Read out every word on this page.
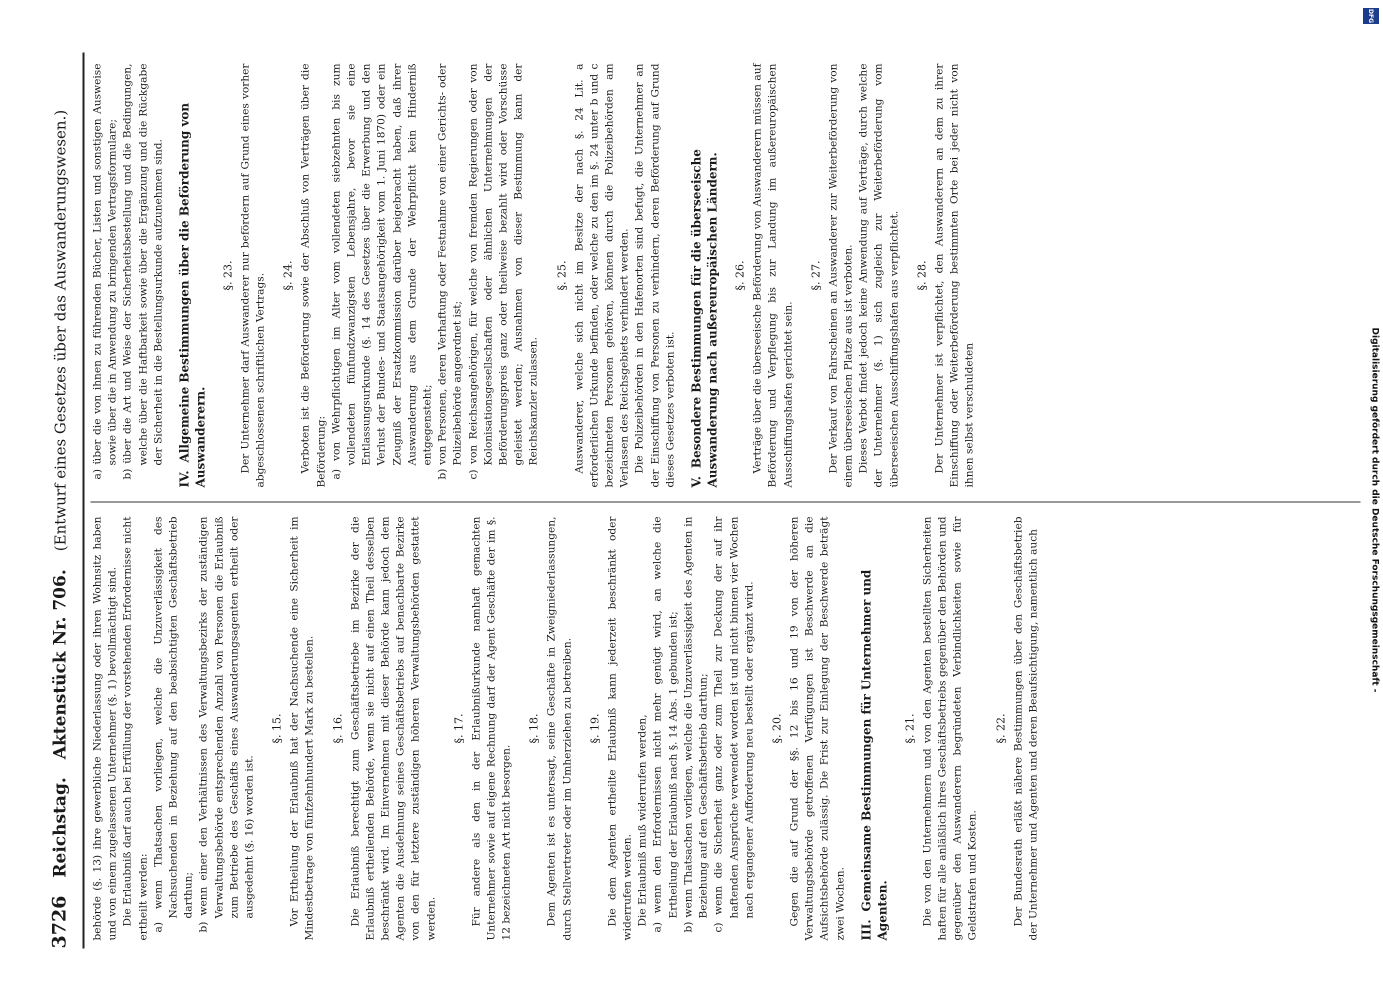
3726
Reichstag.
Aktenstück Nr. 706.
(Entwurf eines Gesetzes über das Auswanderungswesen.)

behörde (§. 13) ihre gewerbliche Niederlassung oder ihren Wohnsitz haben und von einem zugelassenen Unternehmer (§. 1) bevollmächtigt sind. Die Erlaubniß darf auch bei Erfüllung der vorstehenden Erfordernisse nicht ertheilt werden: a) wenn Thatsachen vorliegen, welche die Unzuverlässigkeit des Nachsuchenden in Beziehung auf den beabsichtigten Geschäftsbetrieb darthun; b) wenn einer den Verhältnissen des Verwaltungsbezirks der zuständigen Verwaltungsbehörde entsprechenden Anzahl von Personen die Erlaubniß zum Betriebe des Geschäfts eines Auswanderungsagenten ertheilt oder ausgedehnt (§. 16) worden ist.

§. 15. Vor Ertheilung der Erlaubniß hat der Nachsuchende eine Sicherheit im Mindestbetrage von fünfzehnhundert Mark zu bestellen. §. 16. Die Erlaubniß berechtigt zum Geschäftsbetriebe im Bezirke der die Erlaubniß ertheilenden Behörde, wenn sie nicht auf einen Theil desselben beschränkt wird. Im Einvernehmen mit dieser Behörde kann jedoch dem Agenten die Ausdehnung seines Geschäftsbetriebs auf benachbarte Bezirke von den für letztere zuständigen höheren Verwaltungsbehörden gestattet werden.

§. 17. Für andere als den in der Erlaubnißurkunde namhaft gemachten Unternehmer sowie auf eigene Rechnung darf der Agent Geschäfte der im §. 12 bezeichneten Art nicht besorgen.

§. 18. Dem Agenten ist es untersagt, seine Geschäfte in Zweigniederlassungen, durch Stellvertreter oder im Umherziehen zu betreiben. §. 19. Die dem Agenten ertheilte Erlaubniß kann jederzeit beschränkt oder widerrufen werden. Die Erlaubniß muß widerrufen werden, a) wenn den Erfordernissen nicht mehr genügt wird, an welche die Ertheilung der Erlaubniß nach §. 14 Abs. 1 gebunden ist; b) wenn Thatsachen vorliegen, welche die Unzuverlässigkeit des Agenten in Beziehung auf den Geschäftsbetrieb darthun; c) wenn die Sicherheit ganz oder zum Theil zur Deckung der auf ihr haftenden Ansprüche verwendet worden ist und nicht binnen vier Wochen nach ergangener Aufforderung neu bestellt oder ergänzt wird. §. 20. Gegen die auf Grund der §§. 12 bis 16 und 19 von der höheren Verwaltungsbehörde getroffenen Verfügungen ist Beschwerde an die Aufsichtsbehörde zulässig. Die Frist zur Einlegung der Beschwerde beträgt zwei Wochen. III.Gemeinsame Bestimmungen für Unternehmer und Agenten.
§. 21. Die von den Unternehmern und von den Agenten bestellten Sicherheiten haften für alle anläßlich ihres Geschäftsbetriebs gegenüber den Behörden und gegenüber den Auswanderern begründeten Verbindlichkeiten sowie für Geldstrafen und Kosten.

§. 22. Der Bundesrath erläßt nähere Bestimmungen über den Geschäftsbetrieb der Unternehmer und Agenten und deren Beaufsichtigung, namentlich auch

a) über die von ihnen zu führenden Bücher, Listen und sonstigen Ausweise sowie über die in Anwendung zu bringenden Vertragsformulare; b) über die Art und Weise der Sicherheitsbestellung und die Bedingungen, welche über die Haftbarkeit sowie über die Ergänzung und die Rückgabe der Sicherheit in die Bestellungsurkunde aufzunehmen sind.

IV.Allgemeine Bestimmungen über die Beförderung von Auswanderern.
§. 23. Der Unternehmer darf Auswanderer nur befördern auf Grund eines vorher abgeschlossenen schriftlichen Vertrags. §. 24. Verboten ist die Beförderung sowie der Abschluß von Verträgen über die Beförderung: a) von Wehrpflichtigen im Alter vom vollendeten siebzehnten bis zum vollendeten fünfundzwanzigsten Lebensjahre, bevor sie eine Entlassungsurkunde (§. 14 des Gesetzes über die Erwerbung und den Verlust der Bundes- und Staatsangehörigkeit vom 1. Juni 1870) oder ein Zeugniß der Ersatzkommission darüber beigebracht haben, daß ihrer Auswanderung aus dem Grunde der Wehrpflicht kein Hinderniß entgegensteht; b) von Personen, deren Verhaftung oder Festnahme von einer Gerichts- oder Polizeibehörde angeordnet ist; c) von Reichsangehörigen, für welche von fremden Regierungen oder von Kolonisationsgesellschaften oder ähnlichen Unternehmungen der Beförderungspreis ganz oder theilweise bezahlt wird oder Vorschüsse geleistet werden; Ausnahmen von dieser Bestimmung kann der Reichskanzler zulassen.

§. 25. Auswanderer, welche sich nicht im Besitze der nach §. 24 Lit. a erforderlichen Urkunde befinden, oder welche zu den im §. 24 unter b und c bezeichneten Personen gehören, können durch die Polizeibehörden am Verlassen des Reichsgebiets verhindert werden. Die Polizeibehörden in den Hafenorten sind befugt, die Unternehmer an der Einschiffung von Personen zu verhindern, deren Beförderung auf Grund dieses Gesetzes verboten ist. V.Besondere Bestimmungen für die überseeische Auswanderung nach außereuropäischen Ländern. §. 26. Verträge über die überseeische Beförderung von Auswanderern müssen auf Beförderung und Verpflegung bis zur Landung im außereuropäischen Ausschiffungshafen gerichtet sein.

§. 27. Der Verkauf von Fahrscheinen an Auswanderer zur Weiterbeförderung von einem überseeischen Platze aus ist verboten. Dieses Verbot findet jedoch keine Anwendung auf Verträge, durch welche der Unternehmer (§. 1) sich zugleich zur Weiterbeförderung vom überseeischen Ausschiffungshafen aus verpflichtet. §. 28. Der Unternehmer ist verpflichtet, den Auswanderern an dem zu ihrer Einschiffung oder Weiterbeförderung bestimmten Orte bei jeder nicht von ihnen selbst verschuldeten

DFG
Digitalisierung gefördert durch die Deutsche Forschungsgemeinschaft -
